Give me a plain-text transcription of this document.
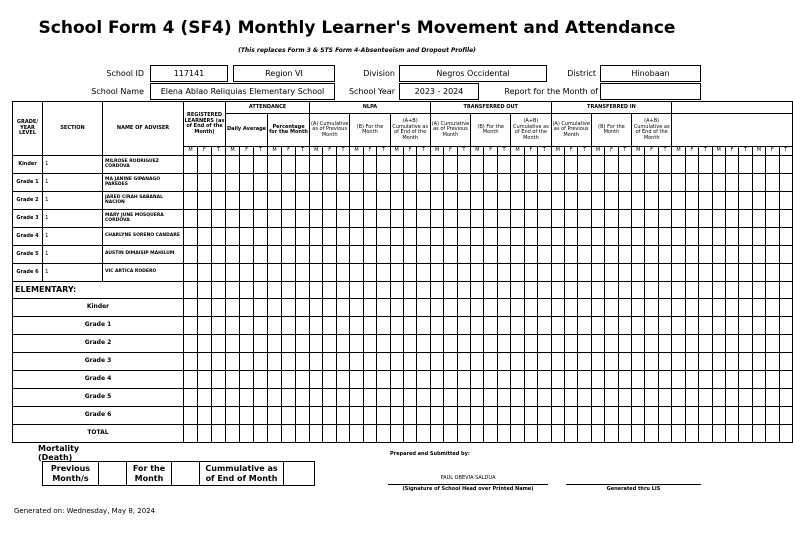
School Form 4 (SF4) Monthly Learner's Movement and Attendance
(This replaces Form 3 & STS Form 4-Absenteeism and Dropout Profile)
School ID	117141	Region VI	Division	Negros Occidental	District	Hinobaan
School Name	Elena Ablao Reliquias Elementary School	School Year	2023 - 2024	Report for the Month of
GRADE/ YEAR LEVEL	SECTION	NAME OF ADVISER	REGISTERED LEARNERS (as of End of the Month)			ATTENDANCE						NLPA									TRANSFERRED OUT									TRANSFERRED IN																	
						Daily Average			Percentage for the Month			(A) Cumulative as of Previous Month			(B) For the Month			(A+B) Cumulative as of End of the Month			(A) Cumulative as of Previous Month			(B) For the Month			(A+B) Cumulative as of End of the Month			(A) Cumulative as of Previous Month			(B) For the Month			(A+B) Cumulative as of End of the Month											
			M	F	T	M	F	T	M	F	T	M	F	T	M	F	T	M	F	T	M	F	T	M	F	T	M	F	T	M	F	T	M	F	T	M	F	T	M	F	T	M	F	T	M	F	T
Kinder	1	MILROSE RODRIGUEZ CORDOVA																																													
Grade 1	1	MA JANINE GIPANAGO PAREDES																																													
Grade 2	1	JARED CIRAH SABANAL NACION																																													
Grade 3	1	MARY JUNE MOSQUERA CORDOVA																																													
Grade 4	1	CHARLYNE SOREÑO CANDARE																																													
Grade 5	1	AUSTIN DIMAISIP MAHILUM																																													
Grade 6	1	VIC ARTICA RODERO																																													
ELEMENTARY:																																															
Kinder																																															
Grade 1																																															
Grade 2																																															
Grade 3																																															
Grade 4																																															
Grade 5																																															
Grade 6																																															
TOTAL																																															
Mortality (Death)
Previous Month/s		For the Month		Cummulative as of End of Month	
Prepared and Submitted by:
PAUL OBEVIA SALDUA
(Signature of School Head over Printed Name)	Generated thru LIS
Generated on: Wednesday, May 8, 2024
